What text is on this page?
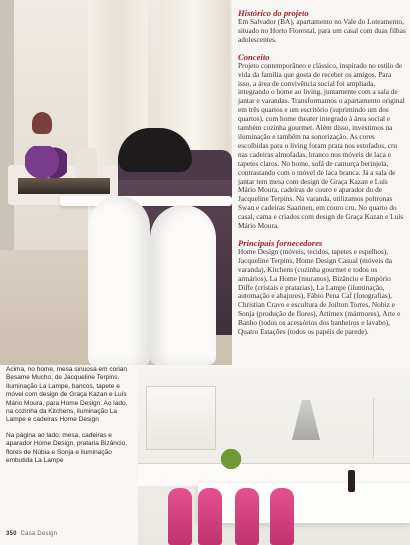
Histórico do projeto

Em Salvador (BA), apartamento no Vale do Loteamento, situado no Horto Florestal, para um casal com duas filhas adolescentes.

Conceito

Projeto contemporâneo e clássico, inspirado no estilo de vida da família que gosta de receber os amigos. Para isso, a área de convivência social foi ampliada, integrando o home ao living, juntamente com a sala de jantar e varandas. Transformamos o apartamento original em três quartos e um escritório (suprimindo um dos quartos), com home theater integrado à área social e também cozinha gourmet. Além disso, investimos na iluminação e também na sonorização. As cores escolhidas para o living foram prata nos estofados, cru nas cadeiras almofadas, branco nos móveis de laca e tapetes claros. No home, sofá de camurça berinjela, contrastando com o móvel de laca branca. Já a sala de jantar tem mesa com design de Graça Kazan e Luís Mário Moura, cadeiras de couro e aparador do de Jacqueline Terpins. Na varanda, utilizamos poltronas Swan e cadeiras Saarinen, em couro cru. No quarto do casal, cama e criados com design de Graça Kazan e Luís Mário Moura.

Principais fornecedores

Home Design (móveis, tecidos, tapetes e espelhos), Jacqueline Terpins, Home Design Casual (móveis da varanda), Kitchens (cozinha gourmet e todos os armários), La Home (muranos), Bizâncio e Empório Diffe (cristais e pratarias), La Lampe (iluminação, automação e abajures), Fábio Pena Caf (fotografias), Christian Cravo e escultura de Joilton Torres, Nobiz e Sonja (produção de flores), Artimex (mármores), Arte e Banho (todos os acessórios dos banheiros e lavabo), Quatro Estações (todos os papéis de parede).

Acima, no home, mesa sinuosa em corian Besame Mucho, de Jacqueline Terpins. Iluminação La Lampe, bancos, tapete e móvel com design de Graça Kazan e Luís Mário Moura, para Home Design. Ao lado, na cozinha da Kitchens, iluminação La Lampe e cadeiras Home Design

Na página ao lado, mesa, cadeiras e aparador Home Design, prataria Bizâncio, flores de Núbia e Sonja e iluminação embutida La Lampe

350 Casa Design
